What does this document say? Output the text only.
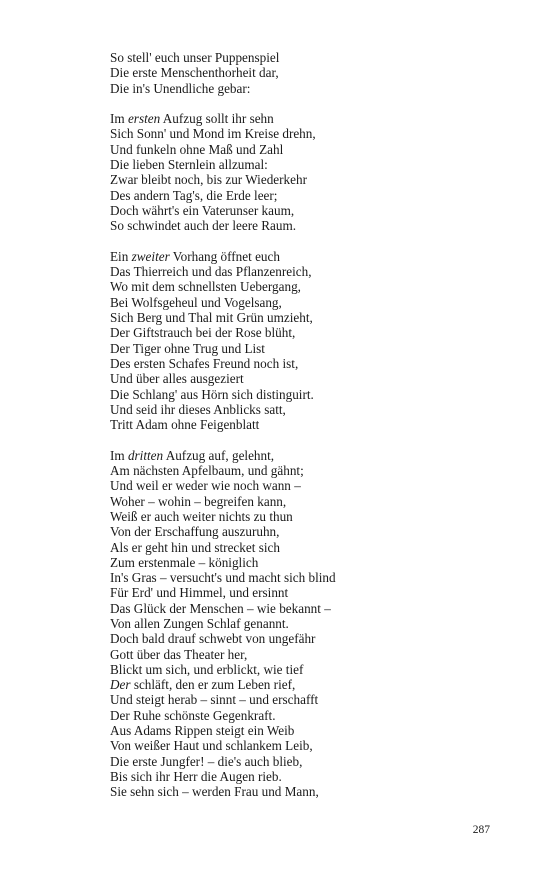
So stell' euch unser Puppenspiel
Die erste Menschenthorheit dar,
Die in's Unendliche gebar:
Im ersten Aufzug sollt ihr sehn
Sich Sonn' und Mond im Kreise drehn,
Und funkeln ohne Maß und Zahl
Die lieben Sternlein allzumal:
Zwar bleibt noch, bis zur Wiederkehr
Des andern Tag's, die Erde leer;
Doch währt's ein Vaterunser kaum,
So schwindet auch der leere Raum.
Ein zweiter Vorhang öffnet euch
Das Thierreich und das Pflanzenreich,
Wo mit dem schnellsten Uebergang,
Bei Wolfsgeheul und Vogelsang,
Sich Berg und Thal mit Grün umzieht,
Der Giftstrauch bei der Rose blüht,
Der Tiger ohne Trug und List
Des ersten Schafes Freund noch ist,
Und über alles ausgeziert
Die Schlang' aus Hörn sich distinguirt.
Und seid ihr dieses Anblicks satt,
Tritt Adam ohne Feigenblatt
Im dritten Aufzug auf, gelehnt,
Am nächsten Apfelbaum, und gähnt;
Und weil er weder wie noch wann –
Woher – wohin – begreifen kann,
Weiß er auch weiter nichts zu thun
Von der Erschaffung auszuruhn,
Als er geht hin und strecket sich
Zum erstenmale – königlich
In's Gras – versucht's und macht sich blind
Für Erd' und Himmel, und ersinnt
Das Glück der Menschen – wie bekannt –
Von allen Zungen Schlaf genannt.
Doch bald drauf schwebt von ungefähr
Gott über das Theater her,
Blickt um sich, und erblickt, wie tief
Der schläft, den er zum Leben rief,
Und steigt herab – sinnt – und erschafft
Der Ruhe schönste Gegenkraft.
Aus Adams Rippen steigt ein Weib
Von weißer Haut und schlankem Leib,
Die erste Jungfer! – die's auch blieb,
Bis sich ihr Herr die Augen rieb.
Sie sehn sich – werden Frau und Mann,
287
